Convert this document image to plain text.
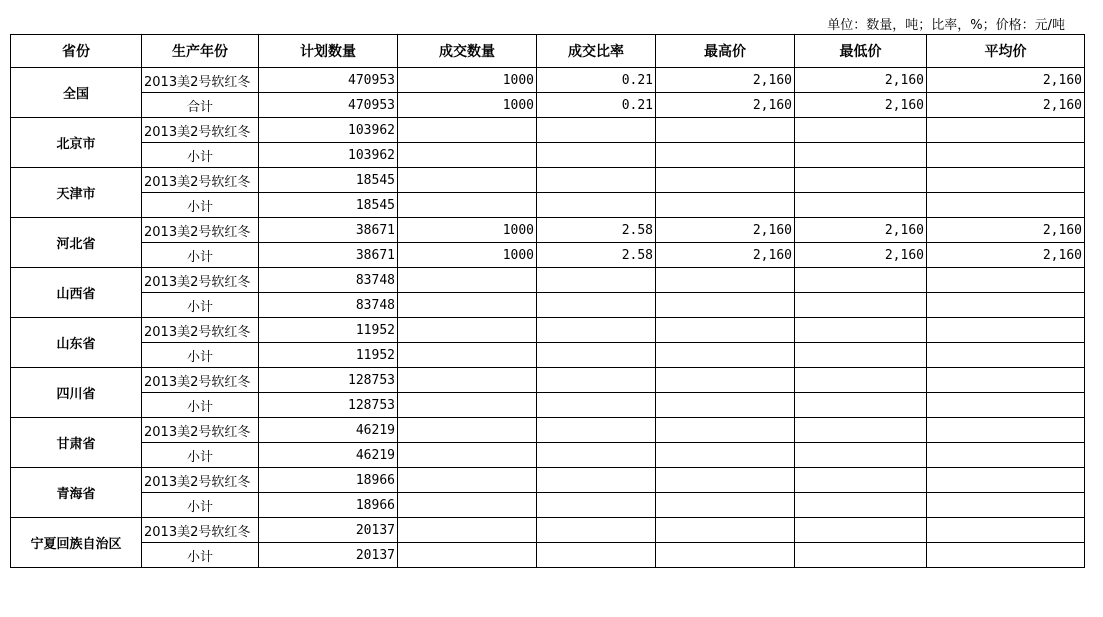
单位：数量，吨；比率，%；价格：元/吨
省份	生产年份	计划数量	成交数量	成交比率	最高价	最低价	平均价
全国	2013美2号软红冬	470953	1000	0.21	2,160	2,160	2,160
	合计	470953	1000	0.21	2,160	2,160	2,160
北京市	2013美2号软红冬	103962					
	小计	103962					
天津市	2013美2号软红冬	18545					
	小计	18545					
河北省	2013美2号软红冬	38671	1000	2.58	2,160	2,160	2,160
	小计	38671	1000	2.58	2,160	2,160	2,160
山西省	2013美2号软红冬	83748					
	小计	83748					
山东省	2013美2号软红冬	11952					
	小计	11952					
四川省	2013美2号软红冬	128753					
	小计	128753					
甘肃省	2013美2号软红冬	46219					
	小计	46219					
青海省	2013美2号软红冬	18966					
	小计	18966					
宁夏回族自治区	2013美2号软红冬	20137					
	小计	20137					
